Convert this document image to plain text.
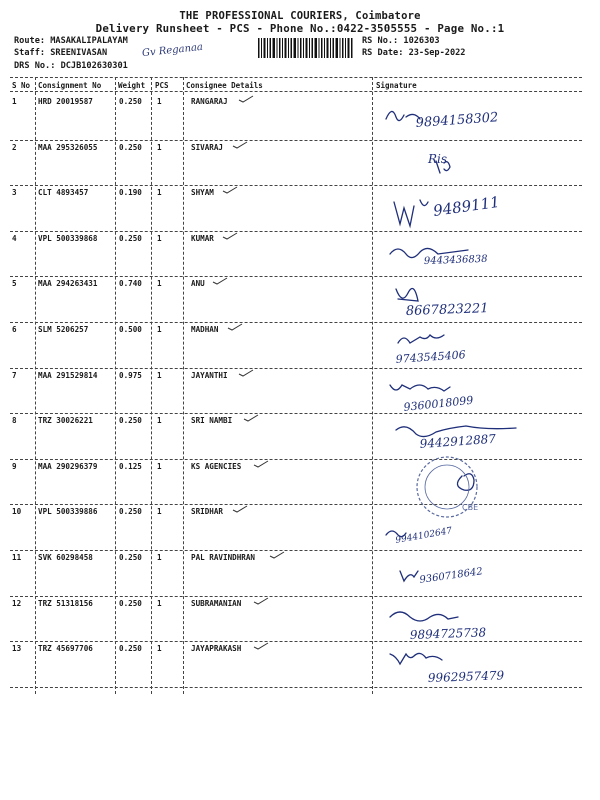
THE PROFESSIONAL COURIERS, Coimbatore
Delivery Runsheet - PCS - Phone No.:0422-3505555 - Page No.:1
Route: MASAKALIPALAYAM
Staff: SREENIVASAN
DRS No.: DCJB102630301
RS No.: 1026303
RS Date: 23-Sep-2022
Gv Reganaa
S No Consignment No Weight PCS Consignee Details	Signature
1	HRD 20019587	0.250 1	RANGARAJ
9894158302
2	MAA 295326055	0.250 1	SIVARAJ
Ris
3	CLT 4893457	0.190 1	SHYAM
9489111
4	VPL 500339868	0.250 1	KUMAR
9443436838
5	MAA 294263431	0.740 1	ANU
8667823221
6	SLM 5206257	0.500 1	MADHAN
9743545406
7	MAA 291529814	0.975 1	JAYANTHI
9360018099
8	TRZ 30026221	0.250 1	SRI NAMBI
9442912887
9	MAA 290296379	0.125 1	KS AGENCIES
10 VPL 500339886	0.250 1	SRIDHAR
9944102647
11 SVK 60298458	0.250 1	PAL RAVINDHRAN
9360718642
12 TRZ 51318156	0.250 1	SUBRAMANIAN
9894725738
13 TRZ 45697706	0.250 1	JAYAPRAKASH
9962957479
CBE
